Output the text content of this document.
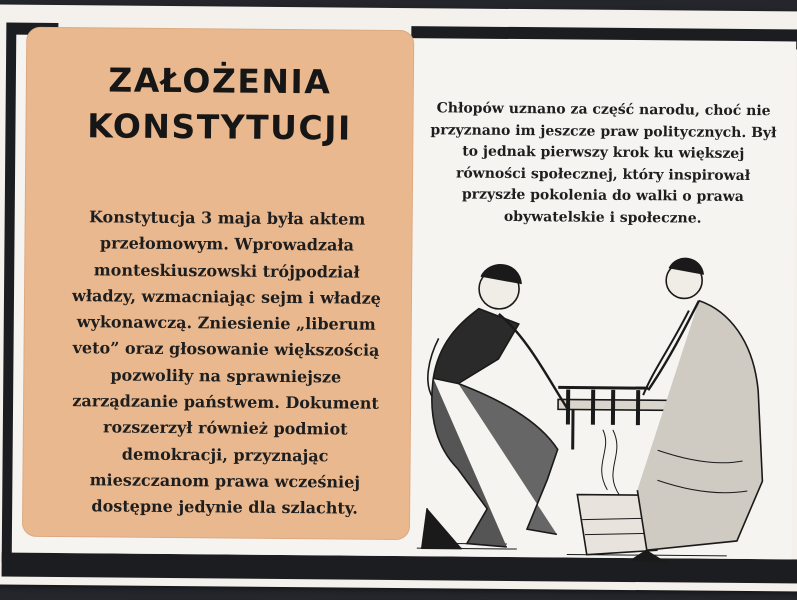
ZAŁOŻENIA
KONSTYTUCJI
Konstytucja 3 maja była aktem przełomowym. Wprowadzała monteskiuszowski trójpodział władzy, wzmacniając sejm i władzę wykonawczą. Zniesienie „liberum veto” oraz głosowanie większością pozwoliły na sprawniejsze zarządzanie państwem. Dokument rozszerzył również podmiot demokracji, przyznając mieszczanom prawa wcześniej dostępne jedynie dla szlachty.
Chłopów uznano za część narodu, choć nie przyznano im jeszcze praw politycznych. Był to jednak pierwszy krok ku większej równości społecznej, który inspirował przyszłe pokolenia do walki o prawa obywatelskie i społeczne.
